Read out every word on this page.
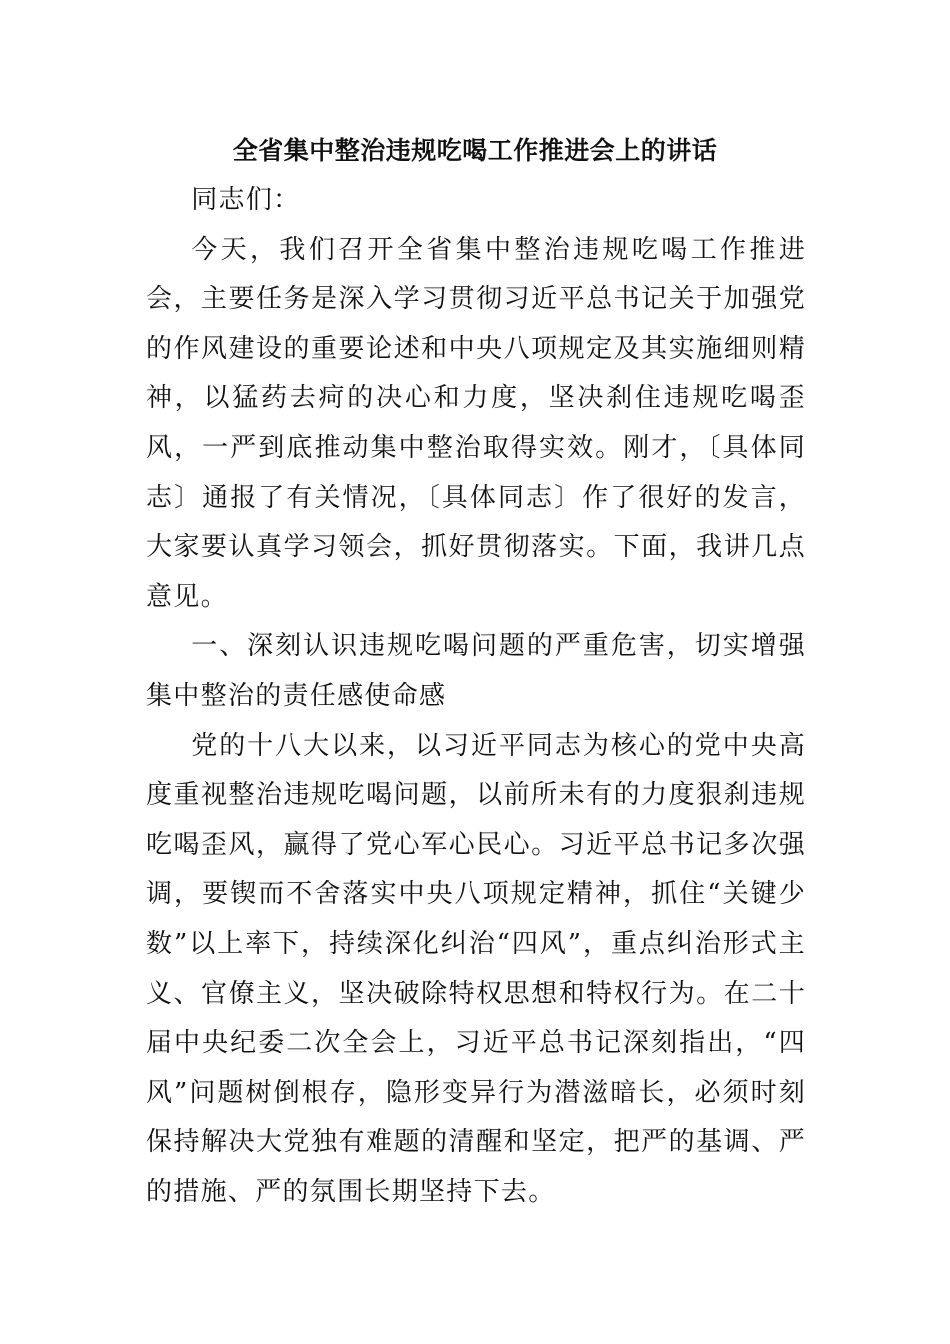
全省集中整治违规吃喝工作推进会上的讲话

同志们：

今天，我们召开全省集中整治违规吃喝工作推进会，主要任务是深入学习贯彻习近平总书记关于加强党的作风建设的重要论述和中央八项规定及其实施细则精神，以猛药去疴的决心和力度，坚决刹住违规吃喝歪风，一严到底推动集中整治取得实效。刚才，〔具体同志〕通报了有关情况，〔具体同志〕作了很好的发言，大家要认真学习领会，抓好贯彻落实。下面，我讲几点意见。

一、深刻认识违规吃喝问题的严重危害，切实增强集中整治的责任感使命感

党的十八大以来，以习近平同志为核心的党中央高度重视整治违规吃喝问题，以前所未有的力度狠刹违规吃喝歪风，赢得了党心军心民心。习近平总书记多次强调，要锲而不舍落实中央八项规定精神，抓住“关键少数”以上率下，持续深化纠治“四风”，重点纠治形式主义、官僚主义，坚决破除特权思想和特权行为。在二十届中央纪委二次全会上，习近平总书记深刻指出，“四风”问题树倒根存，隐形变异行为潜滋暗长，必须时刻保持解决大党独有难题的清醒和坚定，把严的基调、严的措施、严的氛围长期坚持下去。
